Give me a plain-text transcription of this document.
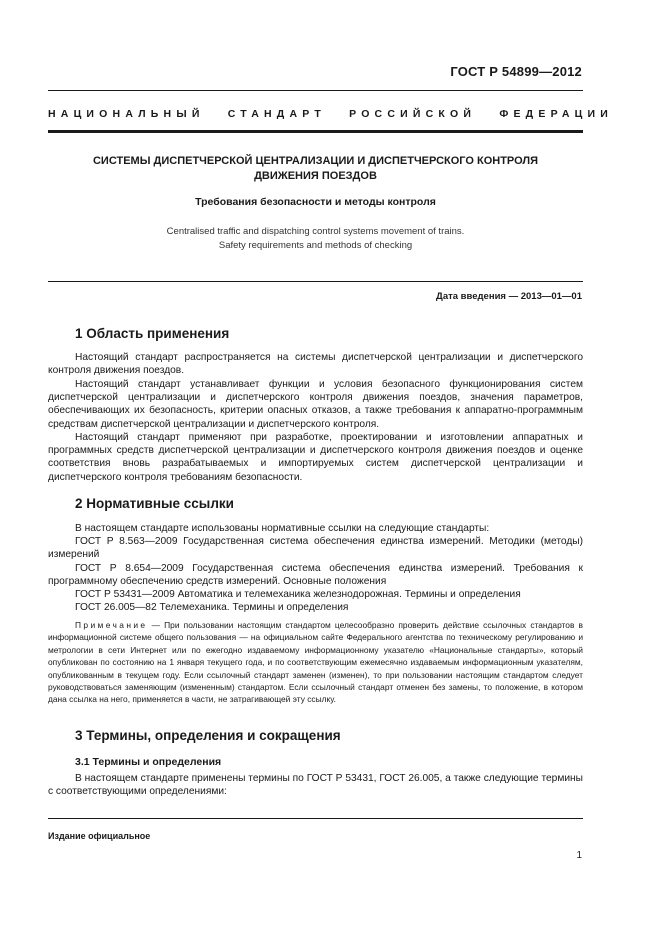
ГОСТ Р 54899—2012
НАЦИОНАЛЬНЫЙ СТАНДАРТ РОССИЙСКОЙ ФЕДЕРАЦИИ
СИСТЕМЫ ДИСПЕТЧЕРСКОЙ ЦЕНТРАЛИЗАЦИИ И ДИСПЕТЧЕРСКОГО КОНТРОЛЯ
ДВИЖЕНИЯ ПОЕЗДОВ
Требования безопасности и методы контроля
Centralised traffic and dispatching control systems movement of trains.
Safety requirements and methods of checking
Дата введения — 2013—01—01
1 Область применения

Настоящий стандарт распространяется на системы диспетчерской централизации и диспетчерского контроля движения поездов.

Настоящий стандарт устанавливает функции и условия безопасного функционирования систем диспетчерской централизации и диспетчерского контроля движения поездов, значения параметров, обеспечивающих их безопасность, критерии опасных отказов, а также требования к аппаратно-программным средствам диспетчерской централизации и диспетчерского контроля.

Настоящий стандарт применяют при разработке, проектировании и изготовлении аппаратных и программных средств диспетчерской централизации и диспетчерского контроля движения поездов и оценке соответствия вновь разрабатываемых и импортируемых систем диспетчерской централизации и диспетчерского контроля требованиям безопасности.

2 Нормативные ссылки
В настоящем стандарте использованы нормативные ссылки на следующие стандарты:
ГОСТ Р 8.563—2009 Государственная система обеспечения единства измерений. Методики (методы) измерений
ГОСТ Р 8.654—2009 Государственная система обеспечения единства измерений. Требования к программному обеспечению средств измерений. Основные положения
ГОСТ Р 53431—2009 Автоматика и телемеханика железнодорожная. Термины и определения
ГОСТ 26.005—82 Телемеханика. Термины и определения

Примечание — При пользовании настоящим стандартом целесообразно проверить действие ссылочных стандартов в информационной системе общего пользования — на официальном сайте Федерального агентства по техническому регулированию и метрологии в сети Интернет или по ежегодно издаваемому информационному указателю «Национальные стандарты», который опубликован по состоянию на 1 января текущего года, и по соответствующим ежемесячно издаваемым информационным указателям, опубликованным в текущем году. Если ссылочный стандарт заменен (изменен), то при пользовании настоящим стандартом следует руководствоваться заменяющим (измененным) стандартом. Если ссылочный стандарт отменен без замены, то положение, в котором дана ссылка на него, применяется в части, не затрагивающей эту ссылку.

3 Термины, определения и сокращения
3.1 Термины и определения

В настоящем стандарте применены термины по ГОСТ Р 53431, ГОСТ 26.005, а также следующие термины с соответствующими определениями:

Издание официальное
1
